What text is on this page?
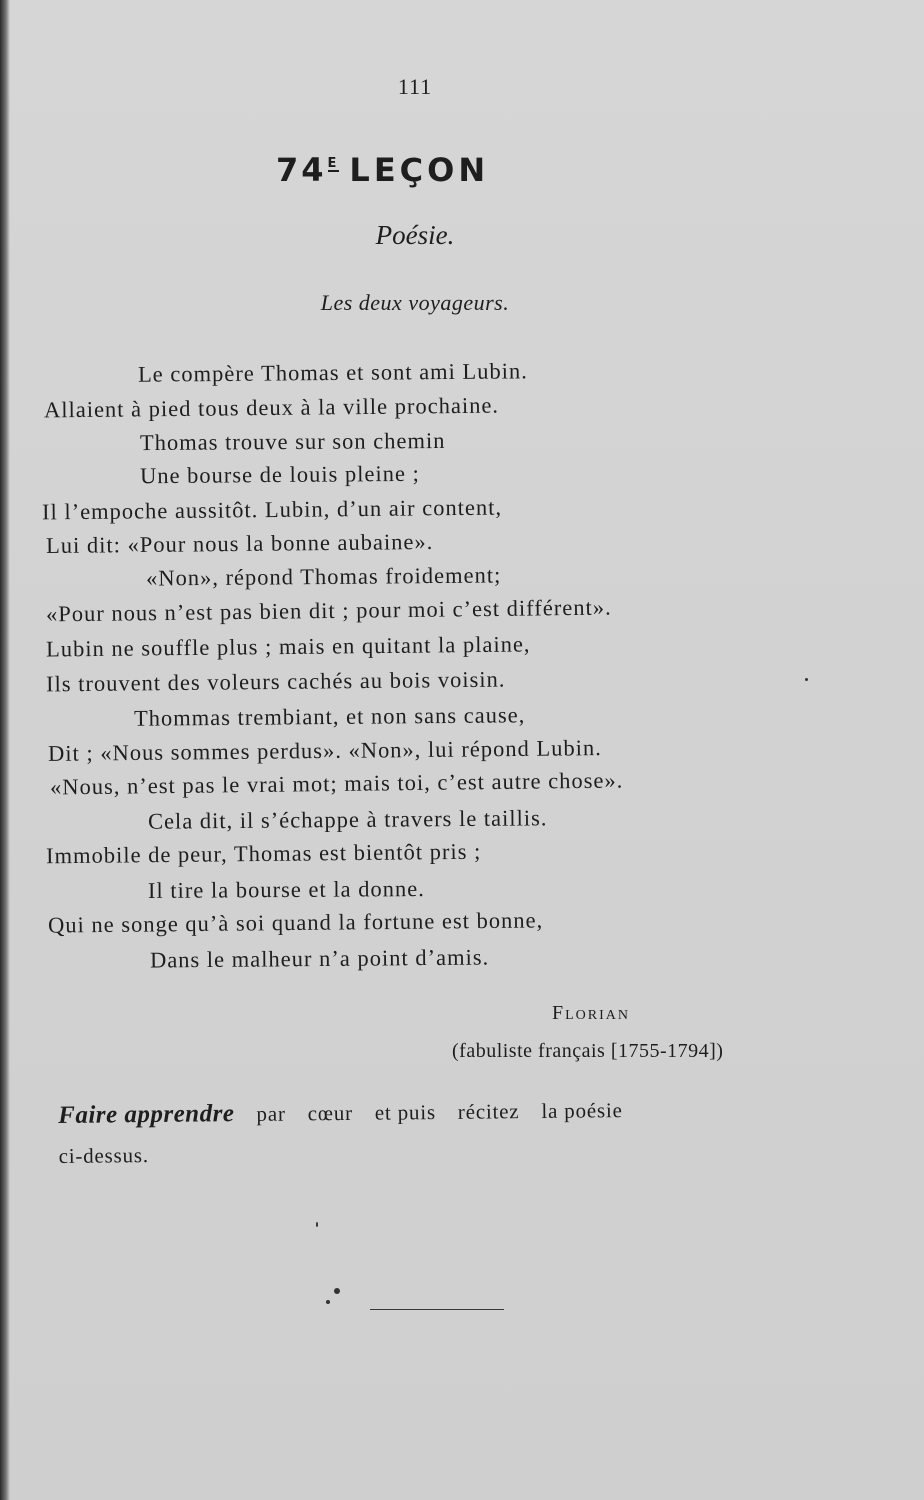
111
74E LEÇON
Poésie.
Les deux voyageurs.
Le compère Thomas et sont ami Lubin.
Allaient à pied tous deux à la ville prochaine.
Thomas trouve sur son chemin
Une bourse de louis pleine ;
Il l’empoche aussitôt. Lubin, d’un air content,
Lui dit: «Pour nous la bonne aubaine».
«Non», répond Thomas froidement;
«Pour nous n’est pas bien dit ; pour moi c’est différent».
Lubin ne souffle plus ; mais en quitant la plaine,
Ils trouvent des voleurs cachés au bois voisin.
Thommas trembiant, et non sans cause,
Dit ; «Nous sommes perdus». «Non», lui répond Lubin.
«Nous, n’est pas le vrai mot; mais toi, c’est autre chose».
Cela dit, il s’échappe à travers le taillis.
Immobile de peur, Thomas est bientôt pris ;
Il tire la bourse et la donne.
Qui ne songe qu’à soi quand la fortune est bonne,
Dans le malheur n’a point d’amis.
Florian
(fabuliste français [1755-1794])
Faire apprendre par cœur et puis récitez la poésie
ci-dessus.
